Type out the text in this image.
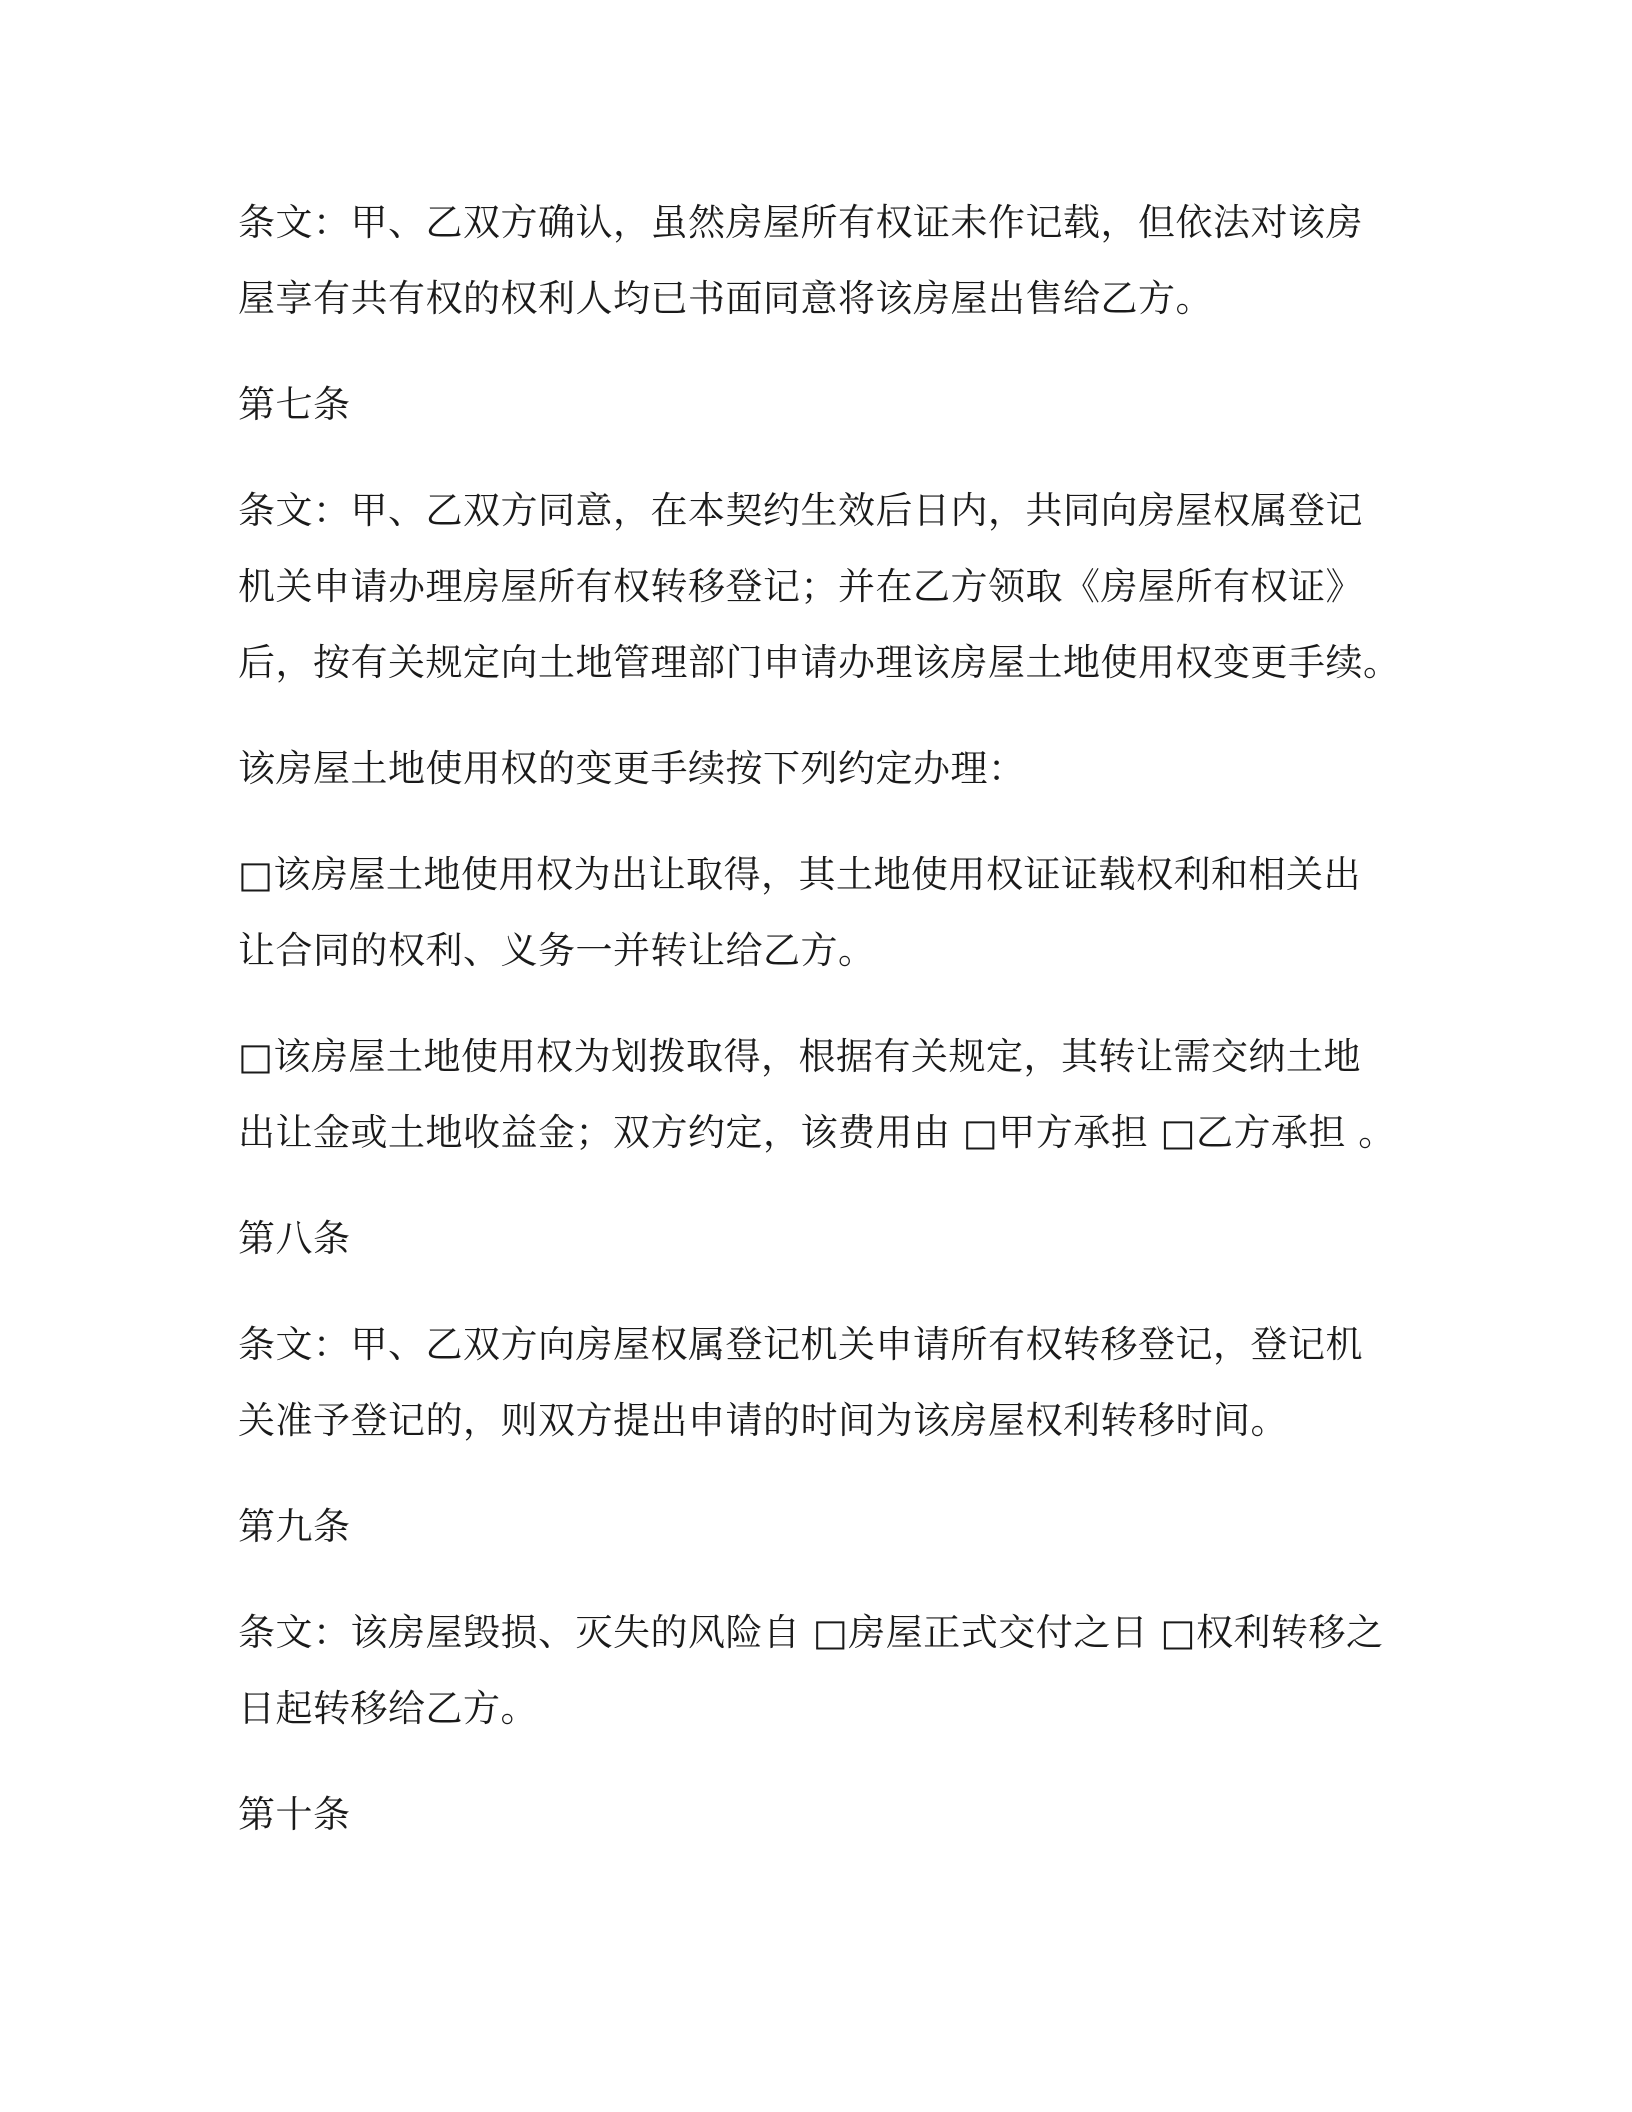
条文：甲、乙双方确认，虽然房屋所有权证未作记载，但依法对该房
屋享有共有权的权利人均已书面同意将该房屋出售给乙方。
第七条
条文：甲、乙双方同意，在本契约生效后日内，共同向房屋权属登记
机关申请办理房屋所有权转移登记；并在乙方领取《房屋所有权证》
后，按有关规定向土地管理部门申请办理该房屋土地使用权变更手续。
该房屋土地使用权的变更手续按下列约定办理：
□该房屋土地使用权为出让取得，其土地使用权证证载权利和相关出
让合同的权利、义务一并转让给乙方。
□该房屋土地使用权为划拨取得，根据有关规定，其转让需交纳土地
出让金或土地收益金；双方约定，该费用由 □甲方承担 □乙方承担 。
第八条
条文：甲、乙双方向房屋权属登记机关申请所有权转移登记，登记机
关准予登记的，则双方提出申请的时间为该房屋权利转移时间。
第九条
条文：该房屋毁损、灭失的风险自 □房屋正式交付之日 □权利转移之
日起转移给乙方。
第十条
